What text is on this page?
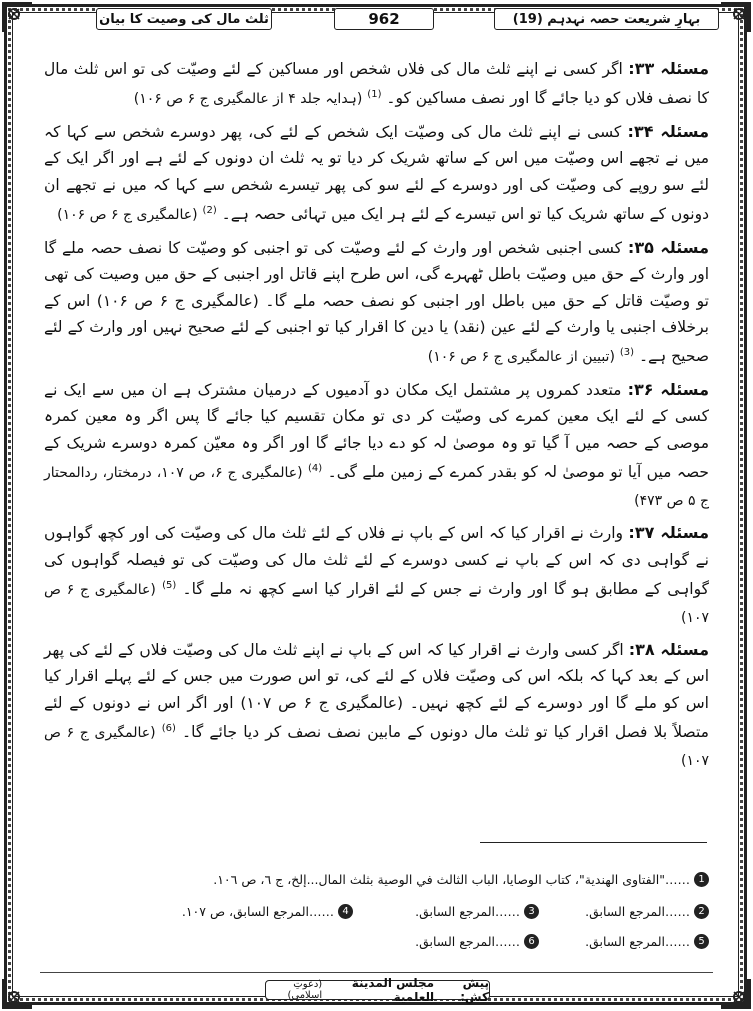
ثلث مال کی وصیت کا بیان	962	بہارِ شریعت حصہ نہدہم (19)

مسئلہ ۳۳: اگر کسی نے اپنے ثلث مال کی فلاں شخص اور مساکین کے لئے وصیّت کی تو اس ثلث مال کا نصف فلاں کو دیا جائے گا اور نصف مساکین کو۔ $^{(1)}$ (ہدایہ جلد ۴ از عالمگیری ج ۶ ص ۱۰۶)

مسئلہ ۳۴: کسی نے اپنے ثلث مال کی وصیّت ایک شخص کے لئے کی، پھر دوسرے شخص سے کہا کہ میں نے تجھے اس وصیّت میں اس کے ساتھ شریک کر دیا تو یہ ثلث ان دونوں کے لئے ہے اور اگر ایک کے لئے سو روپے کی وصیّت کی اور دوسرے کے لئے سو کی پھر تیسرے شخص سے کہا کہ میں نے تجھے ان دونوں کے ساتھ شریک کیا تو اس تیسرے کے لئے ہر ایک میں تہائی حصہ ہے۔ $^{(2)}$ (عالمگیری ج ۶ ص ۱۰۶)

مسئلہ ۳۵: کسی اجنبی شخص اور وارث کے لئے وصیّت کی تو اجنبی کو وصیّت کا نصف حصہ ملے گا اور وارث کے حق میں وصیّت باطل ٹھہرے گی، اس طرح اپنے قاتل اور اجنبی کے حق میں وصیت کی تھی تو وصیّت قاتل کے حق میں باطل اور اجنبی کو نصف حصہ ملے گا۔ (عالمگیری ج ۶ ص ۱۰۶) اس کے برخلاف اجنبی یا وارث کے لئے عین (نقد) یا دین کا اقرار کیا تو اجنبی کے لئے صحیح نہیں اور وارث کے لئے صحیح ہے۔ $^{(3)}$ (تبیین از عالمگیری ج ۶ ص ۱۰۶)

مسئلہ ۳۶: متعدد کمروں پر مشتمل ایک مکان دو آدمیوں کے درمیان مشترک ہے ان میں سے ایک نے کسی کے لئے ایک معین کمرے کی وصیّت کر دی تو مکان تقسیم کیا جائے گا پس اگر وہ معین کمرہ موصی کے حصہ میں آ گیا تو وہ موصیٰ لہ کو دے دیا جائے گا اور اگر وہ معیّن کمرہ دوسرے شریک کے حصہ میں آیا تو موصیٰ لہ کو بقدر کمرے کے زمین ملے گی۔ $^{(4)}$ (عالمگیری ج ۶، ص ۱۰۷، درمختار، ردالمحتار ج ۵ ص ۴۷۳)

مسئلہ ۳۷: وارث نے اقرار کیا کہ اس کے باپ نے فلاں کے لئے ثلث مال کی وصیّت کی اور کچھ گواہوں نے گواہی دی کہ اس کے باپ نے کسی دوسرے کے لئے ثلث مال کی وصیّت کی تو فیصلہ گواہوں کی گواہی کے مطابق ہو گا اور وارث نے جس کے لئے اقرار کیا اسے کچھ نہ ملے گا۔ $^{(5)}$ (عالمگیری ج ۶ ص ۱۰۷)

مسئلہ ۳۸: اگر کسی وارث نے اقرار کیا کہ اس کے باپ نے اپنے ثلث مال کی وصیّت فلاں کے لئے کی پھر اس کے بعد کہا کہ بلکہ اس کی وصیّت فلاں کے لئے کی، تو اس صورت میں جس کے لئے پہلے اقرار کیا اس کو ملے گا اور دوسرے کے لئے کچھ نہیں۔ (عالمگیری ج ۶ ص ۱۰۷) اور اگر اس نے دونوں کے لئے متصلاً بلا فصل اقرار کیا تو ثلث مال دونوں کے مابین نصف نصف کر دیا جائے گا۔ $^{(6)}$ (عالمگیری ج ۶ ص ۱۰۷)

1
……"الفتاوى الهندية"، كتاب الوصايا، الباب الثالث في الوصية بثلث المال...إلخ، ج ٦، ص ١٠٦.
2
……المرجع السابق.
3
……المرجع السابق.
4
……المرجع السابق، ص ١٠٧.
5
……المرجع السابق.
6
……المرجع السابق.
پیش کش:
مجلس المدينة العلمية
(دعوتِ اسلامی)
